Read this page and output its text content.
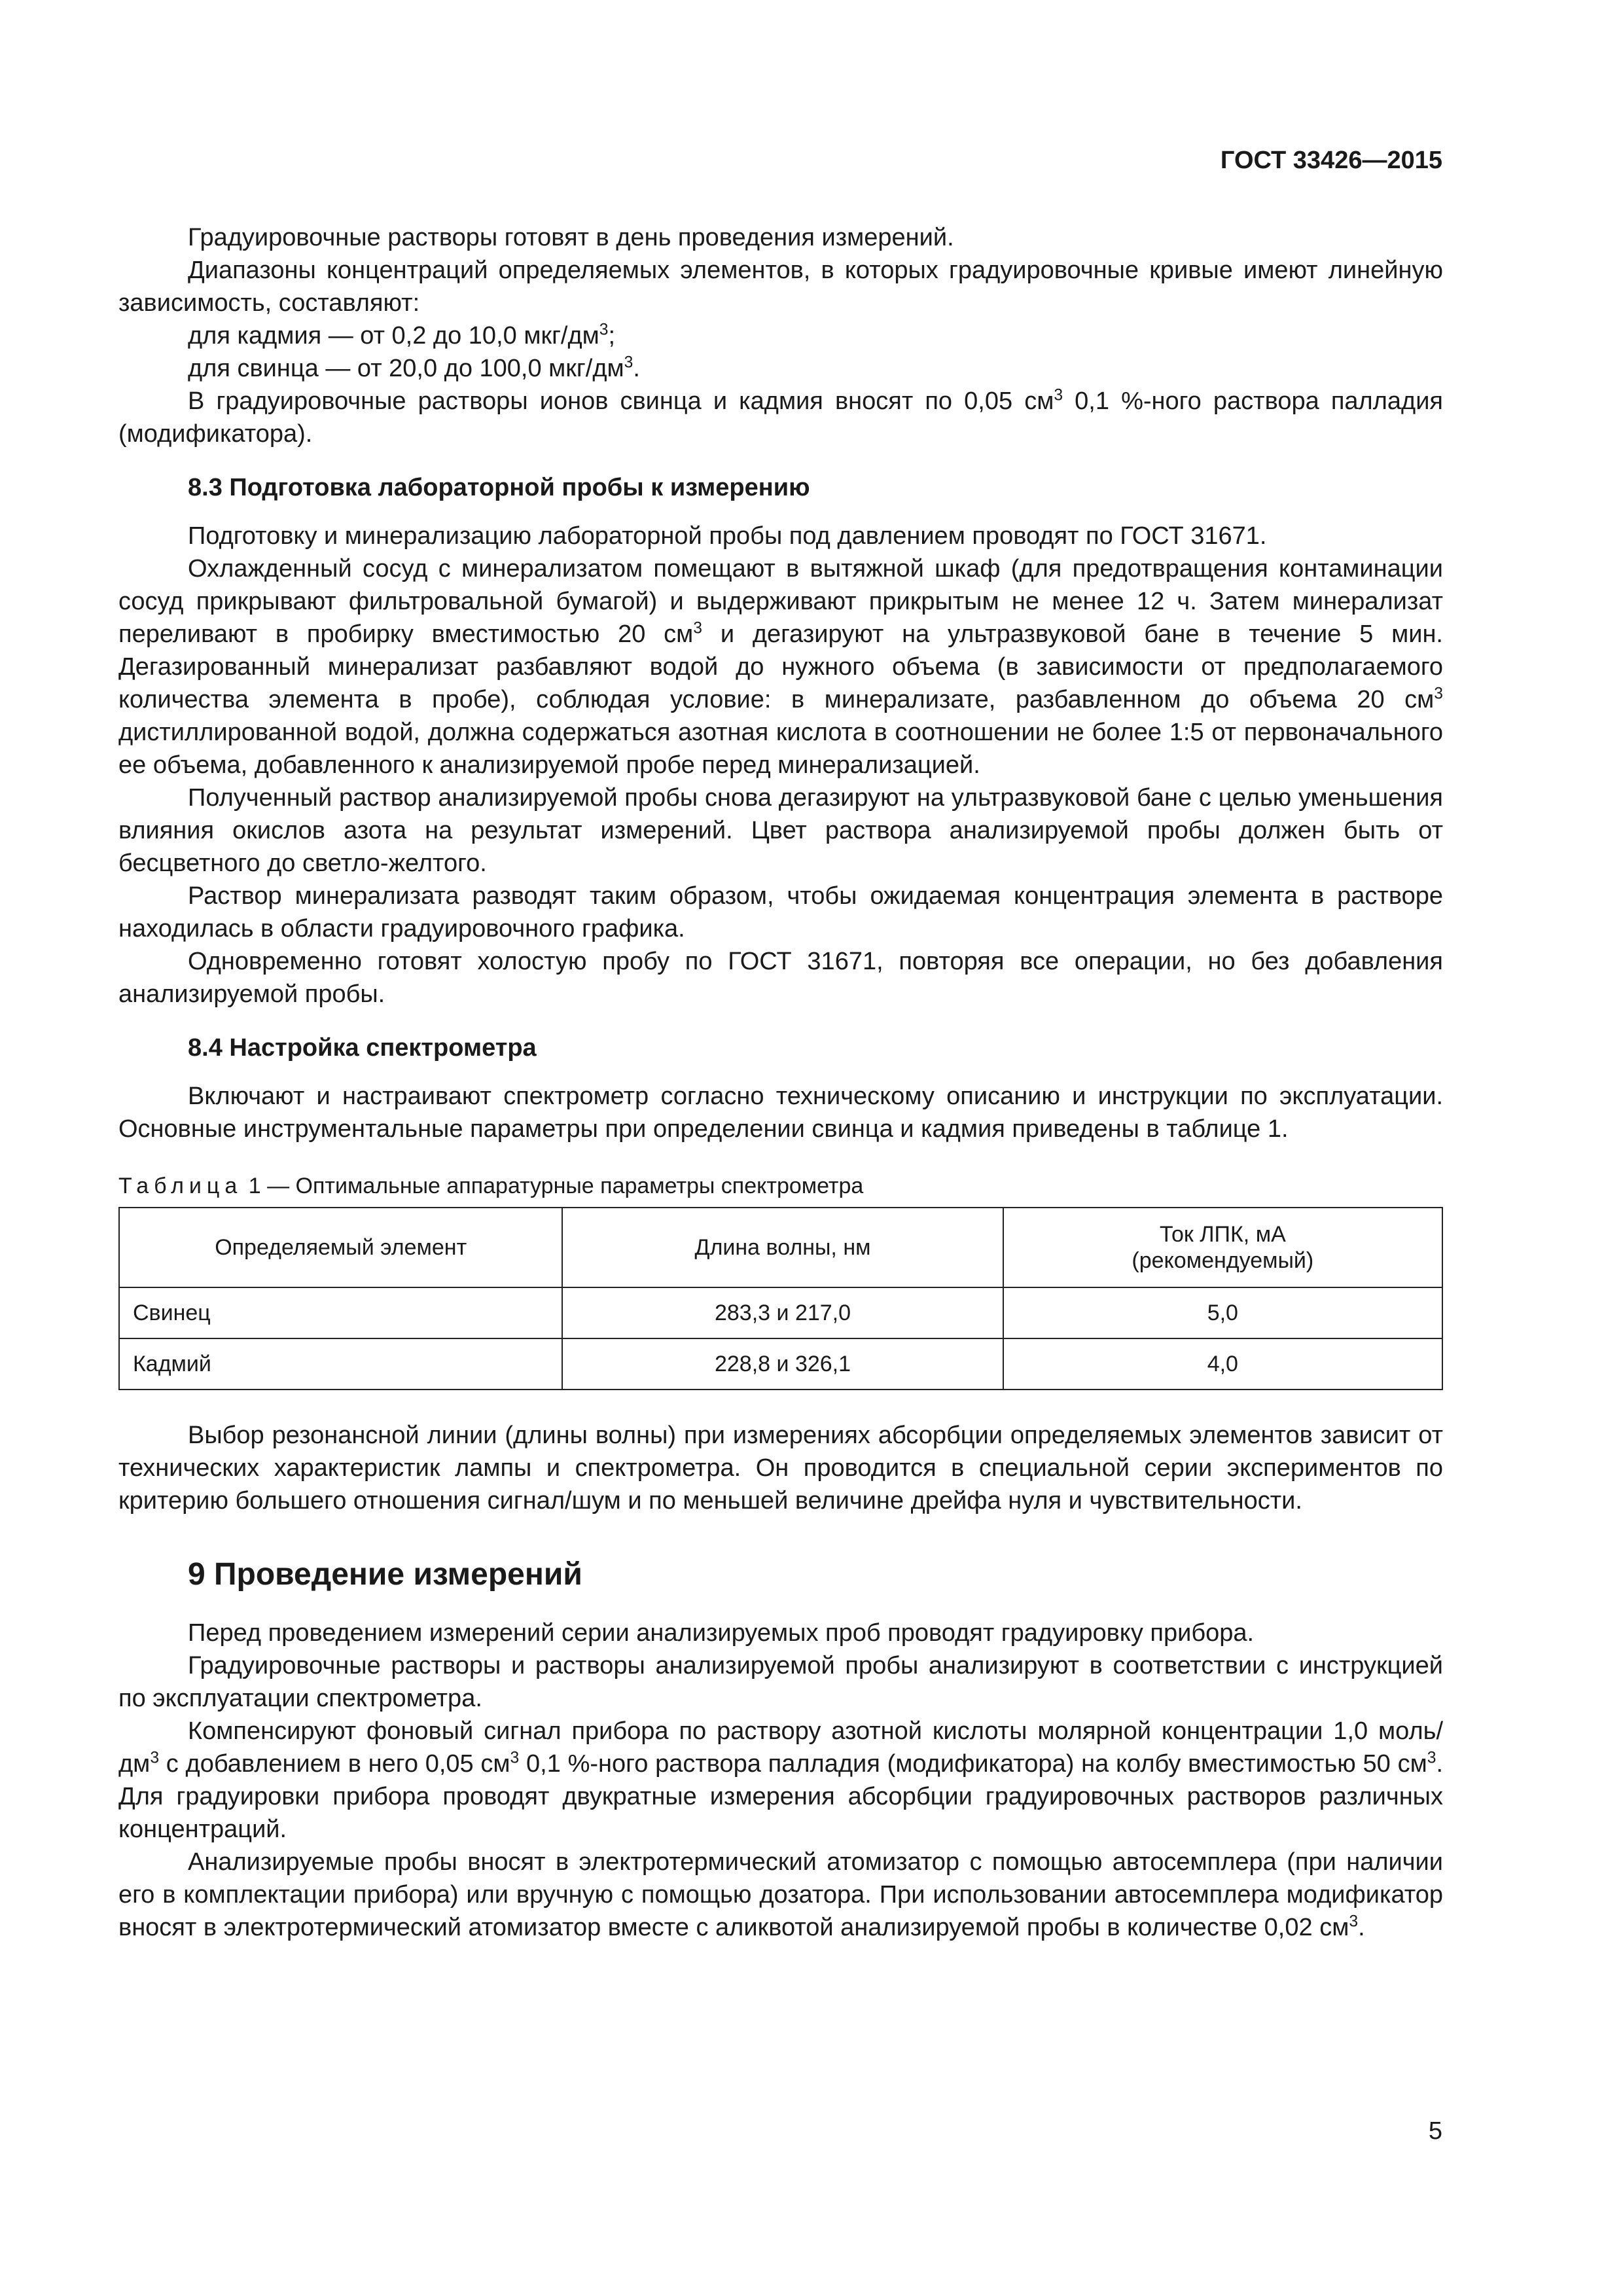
ГОСТ 33426—2015

Градуировочные растворы готовят в день проведения измерений.

Диапазоны концентраций определяемых элементов, в которых градуировочные кривые имеют линейную зависимость, составляют:

для кадмия — от 0,2 до 10,0 мкг/$дм^3$;

для свинца — от 20,0 до 100,0 мкг/$дм^3$.

В градуировочные растворы ионов свинца и кадмия вносят по 0,05 $см^3$ 0,1 %-ного раствора палладия (модификатора).

8.3 Подготовка лабораторной пробы к измерению

Подготовку и минерализацию лабораторной пробы под давлением проводят по ГОСТ 31671.

Охлажденный сосуд с минерализатом помещают в вытяжной шкаф (для предотвращения контаминации сосуд прикрывают фильтровальной бумагой) и выдерживают прикрытым не менее 12 ч. Затем минерализат переливают в пробирку вместимостью 20 $см^3$ и дегазируют на ультразвуковой бане в течение 5 мин. Дегазированный минерализат разбавляют водой до нужного объема (в зависимости от предполагаемого количества элемента в пробе), соблюдая условие: в минерализате, разбавленном до объема 20 $см^3$ дистиллированной водой, должна содержаться азотная кислота в соотношении не более 1:5 от первоначального ее объема, добавленного к анализируемой пробе перед минерализацией.

Полученный раствор анализируемой пробы снова дегазируют на ультразвуковой бане с целью уменьшения влияния окислов азота на результат измерений. Цвет раствора анализируемой пробы должен быть от бесцветного до светло-желтого.

Раствор минерализата разводят таким образом, чтобы ожидаемая концентрация элемента в растворе находилась в области градуировочного графика.

Одновременно готовят холостую пробу по ГОСТ 31671, повторяя все операции, но без добавления анализируемой пробы.

8.4 Настройка спектрометра

Включают и настраивают спектрометр согласно техническому описанию и инструкции по эксплуатации. Основные инструментальные параметры при определении свинца и кадмия приведены в таблице 1.

Таблица 1 — Оптимальные аппаратурные параметры спектрометра
Определяемый элемент	Длина волны, нм	Ток ЛПК, мА (рекомендуемый)
Свинец	283,3 и 217,0	5,0
Кадмий	228,8 и 326,1	4,0

Выбор резонансной линии (длины волны) при измерениях абсорбции определяемых элементов зависит от технических характеристик лампы и спектрометра. Он проводится в специальной серии экспериментов по критерию большего отношения сигнал/шум и по меньшей величине дрейфа нуля и чувствительности.

9 Проведение измерений

Перед проведением измерений серии анализируемых проб проводят градуировку прибора.

Градуировочные растворы и растворы анализируемой пробы анализируют в соответствии с инструкцией по эксплуатации спектрометра.

Компенсируют фоновый сигнал прибора по раствору азотной кислоты молярной концентрации 1,0 моль/$дм^3$ с добавлением в него 0,05 $см^3$ 0,1 %-ного раствора палладия (модификатора) на колбу вместимостью 50 $см^3$. Для градуировки прибора проводят двукратные измерения абсорбции градуировочных растворов различных концентраций.

Анализируемые пробы вносят в электротермический атомизатор с помощью автосемплера (при наличии его в комплектации прибора) или вручную с помощью дозатора. При использовании автосемплера модификатор вносят в электротермический атомизатор вместе с аликвотой анализируемой пробы в количестве 0,02 $см^3$.

5
